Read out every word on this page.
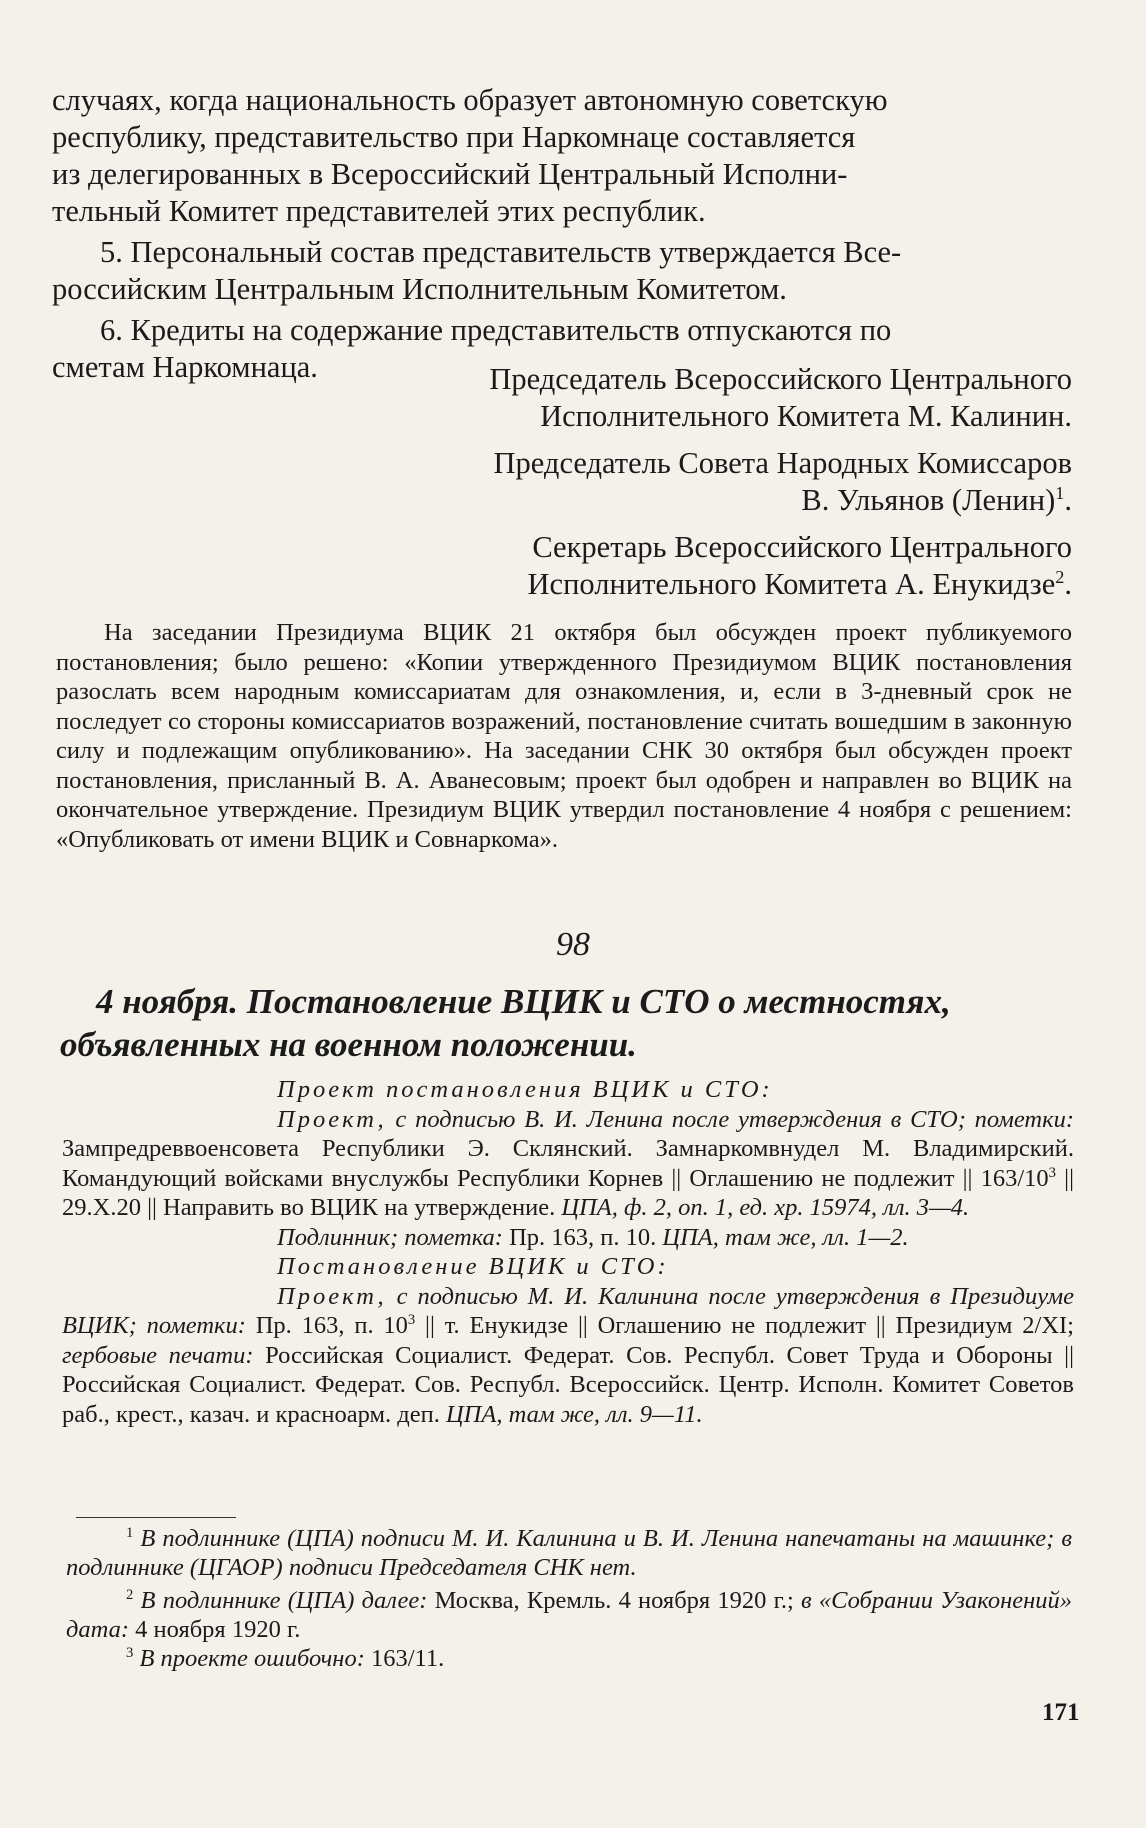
случаях, когда национальность образует автономную советскую

республику, представительство при Наркомнаце составляется

из делегированных в Всероссийский Центральный Исполни-

тельный Комитет представителей этих республик.

5. Персональный состав представительств утверждается Все-

российским Центральным Исполнительным Комитетом.

6. Кредиты на содержание представительств отпускаются по

сметам Наркомнаца.	Председатель Всероссийского Центрального

Исполнительного Комитета М. Калинин.

Председатель Совета Народных Комиссаров

В. Ульянов (Ленин)$^1$.

Секретарь Всероссийского Центрального

Исполнительного Комитета А. Енукидзе$^2$.

На заседании Президиума ВЦИК 21 октября был обсужден проект публикуемого постановления; было решено: «Копии утвержденного Президиумом ВЦИК постановления разослать всем народным комиссариатам для ознакомления, и, если в 3-дневный срок не последует со стороны комиссариатов возражений, постановление считать вошедшим в законную силу и подлежащим опубликованию». На заседании СНК 30 октября был обсужден проект постановления, присланный В. А. Аванесовым; проект был одобрен и направлен во ВЦИК на окончательное утверждение. Президиум ВЦИК утвердил постановление 4 ноября с решением: «Опубликовать от имени ВЦИК и Совнаркома».

98

4 ноября. Постановление ВЦИК и СТО о местностях,

объявленных на военном положении.

Проект постановления ВЦИК и СТО:

Проект, с подписью В. И. Ленина после утверждения в СТО; пометки: Зампредреввоенсовета Республики Э. Склянский. Замнаркомвнудел М. Владимирский. Командующий войсками внуслужбы Республики Корнев || Оглашению не подлежит || $163/10^3$ || 29.X.20 || Направить во ВЦИК на утверждение. ЦПА, ф. 2, оп. 1, ед. хр. 15974, лл. 3—4.

Подлинник; пометка: Пр. 163, п. 10. ЦПА, там же, лл. 1—2.

Постановление ВЦИК и СТО:

Проект, с подписью М. И. Калинина после утверждения в Президиуме ВЦИК; пометки: Пр. 163, п. $10^3$ || т. Енукидзе || Оглашению не подлежит || Президиум 2/XI; гербовые печати: Российская Социалист. Федерат. Сов. Республ. Совет Труда и Обороны || Российская Социалист. Федерат. Сов. Республ. Всероссийск. Центр. Исполн. Комитет Советов раб., крест., казач. и красноарм. деп. ЦПА, там же, лл. 9—11.

$^1$ В подлиннике (ЦПА) подписи М. И. Калинина и В. И. Ленина напечатаны на машинке; в подлиннике (ЦГАОР) подписи Председателя СНК нет.

$^2$ В подлиннике (ЦПА) далее: Москва, Кремль. 4 ноября 1920 г.; в «Собрании Узаконений» дата: 4 ноября 1920 г.

$^3$ В проекте ошибочно: 163/11.

171
